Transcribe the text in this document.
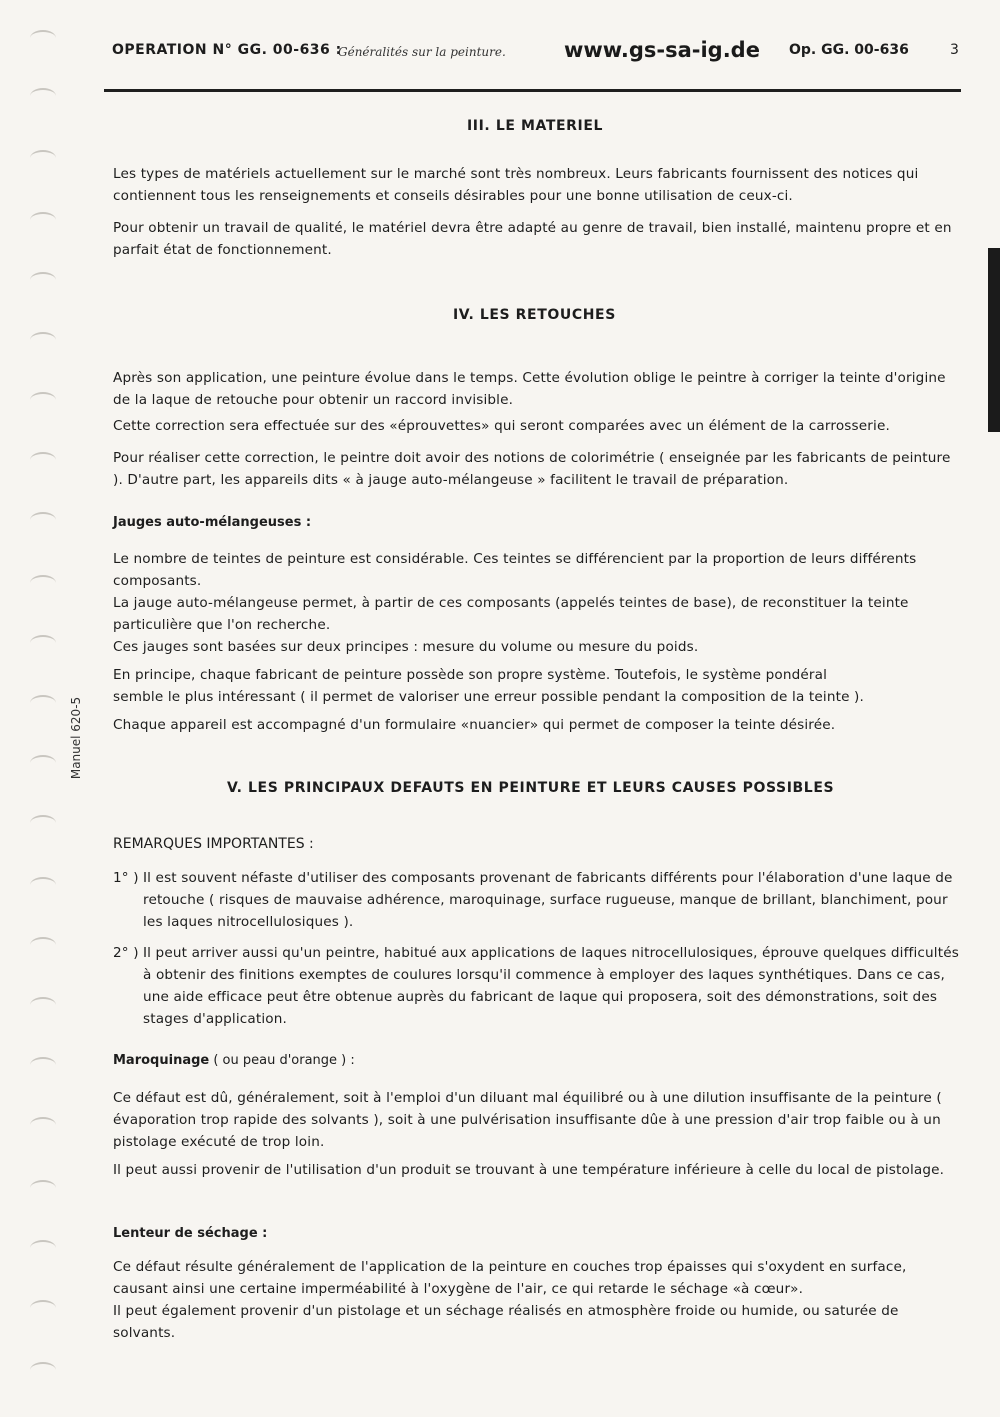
Manuel 620-5
OPERATION N° GG. 00-636 :
Généralités sur la peinture.	www.gs-sa-ig.de Op. GG. 00-636	3
III. LE MATERIEL

Les types de matériels actuellement sur le marché sont très nombreux. Leurs fabricants fournissent des notices qui contiennent tous les renseignements et conseils désirables pour une bonne utilisation de ceux-ci.

Pour obtenir un travail de qualité, le matériel devra être adapté au genre de travail, bien installé, maintenu propre et en parfait état de fonctionnement.

IV. LES RETOUCHES

Après son application, une peinture évolue dans le temps. Cette évolution oblige le peintre à corriger la teinte d'origine de la laque de retouche pour obtenir un raccord invisible.

Cette correction sera effectuée sur des «éprouvettes» qui seront comparées avec un élément de la carrosserie.

Pour réaliser cette correction, le peintre doit avoir des notions de colorimétrie ( enseignée par les fabricants de peinture ). D'autre part, les appareils dits « à jauge auto-mélangeuse » facilitent le travail de préparation.

Jauges auto-mélangeuses :

Le nombre de teintes de peinture est considérable. Ces teintes se différencient par la proportion de leurs différents composants.

La jauge auto-mélangeuse permet, à partir de ces composants (appelés teintes de base), de reconstituer la teinte particulière que l'on recherche.

Ces jauges sont basées sur deux principes : mesure du volume ou mesure du poids.

En principe, chaque fabricant de peinture possède son propre système. Toutefois, le système pondéral

semble le plus intéressant ( il permet de valoriser une erreur possible pendant la composition de la teinte ).

Chaque appareil est accompagné d'un formulaire «nuancier» qui permet de composer la teinte désirée.

V. LES PRINCIPAUX DEFAUTS EN PEINTURE ET LEURS CAUSES POSSIBLES
REMARQUES IMPORTANTES :
1° ) Il est souvent néfaste d'utiliser des composants provenant de fabricants différents pour l'élaboration d'une laque de retouche ( risques de mauvaise adhérence, maroquinage, surface rugueuse, manque de brillant, blanchiment, pour les laques nitrocellulosiques ).
2° ) Il peut arriver aussi qu'un peintre, habitué aux applications de laques nitrocellulosiques, éprouve quelques difficultés à obtenir des finitions exemptes de coulures lorsqu'il commence à employer des laques synthétiques. Dans ce cas, une aide efficace peut être obtenue auprès du fabricant de laque qui proposera, soit des démonstrations, soit des stages d'application.
Maroquinage ( ou peau d'orange ) :

Ce défaut est dû, généralement, soit à l'emploi d'un diluant mal équilibré ou à une dilution insuffisante de la peinture ( évaporation trop rapide des solvants ), soit à une pulvérisation insuffisante dûe à une pression d'air trop faible ou à un pistolage exécuté de trop loin.

Il peut aussi provenir de l'utilisation d'un produit se trouvant à une température inférieure à celle du local de pistolage.

Lenteur de séchage :

Ce défaut résulte généralement de l'application de la peinture en couches trop épaisses qui s'oxydent en surface, causant ainsi une certaine imperméabilité à l'oxygène de l'air, ce qui retarde le séchage «à cœur».

Il peut également provenir d'un pistolage et un séchage réalisés en atmosphère froide ou humide, ou saturée de solvants.
